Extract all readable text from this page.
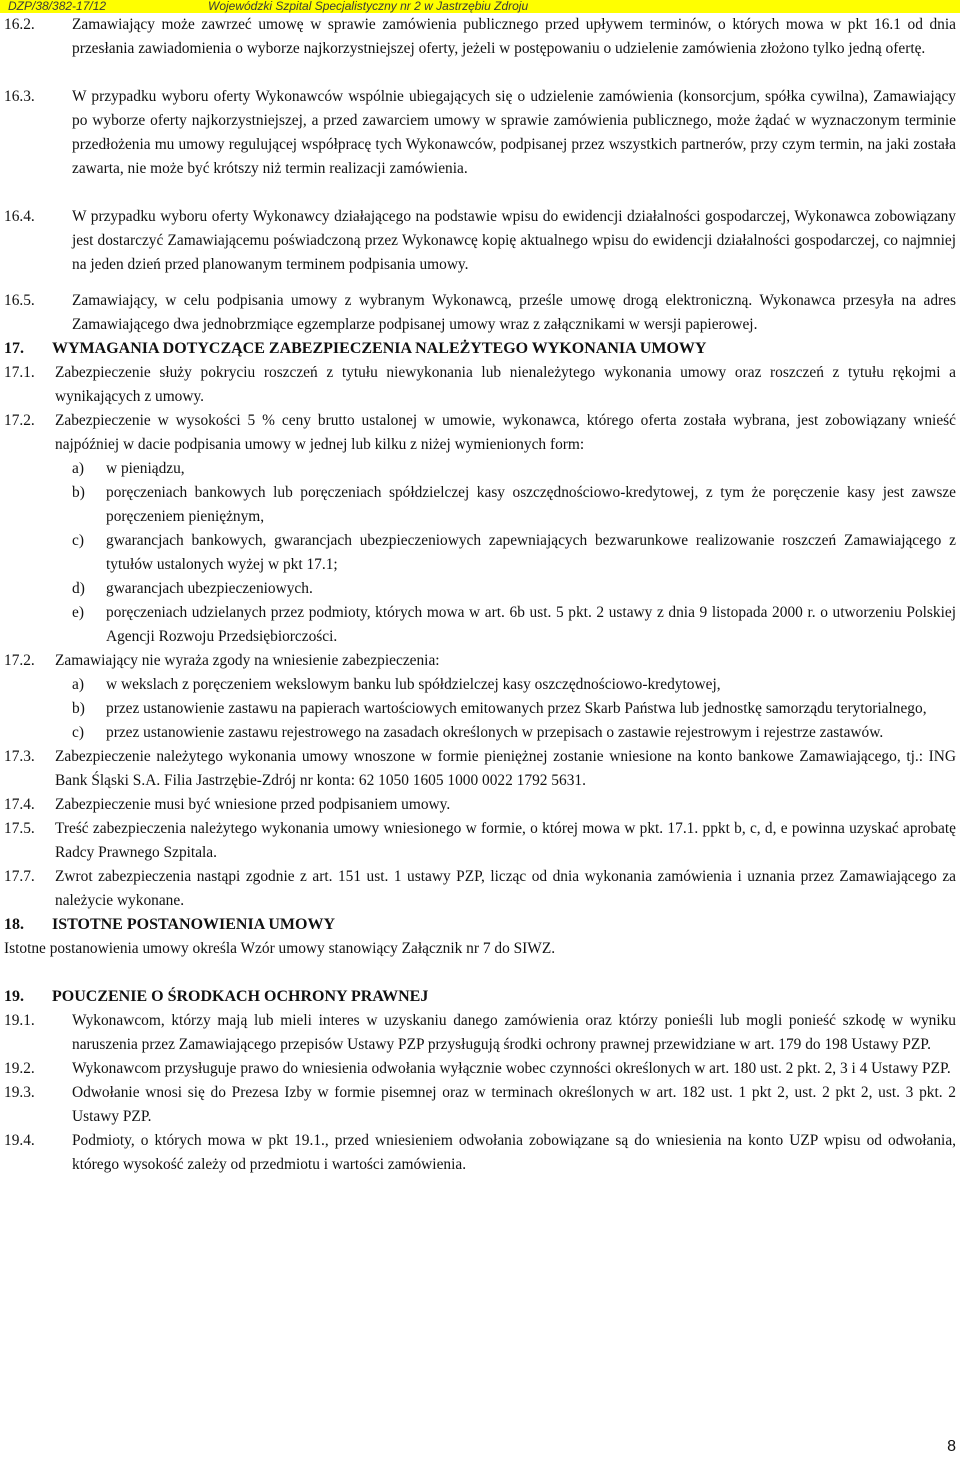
DZP/38/382-17/12	Wojewódzki Szpital Specjalistyczny nr 2 w Jastrzębiu Zdroju
16.2. Zamawiający może zawrzeć umowę w sprawie zamówienia publicznego przed upływem terminów, o których mowa w pkt 16.1 od dnia przesłania zawiadomienia o wyborze najkorzystniejszej oferty, jeżeli w postępowaniu o udzielenie zamówienia złożono tylko jedną ofertę.
16.3. W przypadku wyboru oferty Wykonawców wspólnie ubiegających się o udzielenie zamówienia (konsorcjum, spółka cywilna), Zamawiający po wyborze oferty najkorzystniejszej, a przed zawarciem umowy w sprawie zamówienia publicznego, może żądać w wyznaczonym terminie przedłożenia mu umowy regulującej współpracę tych Wykonawców, podpisanej przez wszystkich partnerów, przy czym termin, na jaki została zawarta, nie może być krótszy niż termin realizacji zamówienia.
16.4. W przypadku wyboru oferty Wykonawcy działającego na podstawie wpisu do ewidencji działalności gospodarczej, Wykonawca zobowiązany jest dostarczyć Zamawiającemu poświadczoną przez Wykonawcę kopię aktualnego wpisu do ewidencji działalności gospodarczej, co najmniej na jeden dzień przed planowanym terminem podpisania umowy.
16.5. Zamawiający, w celu podpisania umowy z wybranym Wykonawcą, prześle umowę drogą elektroniczną. Wykonawca przesyła na adres Zamawiającego dwa jednobrzmiące egzemplarze podpisanej umowy wraz z załącznikami w wersji papierowej.
17. WYMAGANIA DOTYCZĄCE ZABEZPIECZENIA NALEŻYTEGO WYKONANIA UMOWY
17.1. Zabezpieczenie służy pokryciu roszczeń z tytułu niewykonania lub nienależytego wykonania umowy oraz roszczeń z tytułu rękojmi a wynikających z umowy.
17.2. Zabezpieczenie w wysokości 5 % ceny brutto ustalonej w umowie, wykonawca, którego oferta została wybrana, jest zobowiązany wnieść najpóźniej w dacie podpisania umowy w jednej lub kilku z niżej wymienionych form:
a) w pieniądzu,
b) poręczeniach bankowych lub poręczeniach spółdzielczej kasy oszczędnościowo-kredytowej, z tym że poręczenie kasy jest zawsze poręczeniem pieniężnym,
c) gwarancjach bankowych, gwarancjach ubezpieczeniowych zapewniających bezwarunkowe realizowanie roszczeń Zamawiającego z tytułów ustalonych wyżej w pkt 17.1;
d) gwarancjach ubezpieczeniowych.
e) poręczeniach udzielanych przez podmioty, których mowa w art. 6b ust. 5 pkt. 2 ustawy z dnia 9 listopada 2000 r. o utworzeniu Polskiej Agencji Rozwoju Przedsiębiorczości.
17.2. Zamawiający nie wyraża zgody na wniesienie zabezpieczenia:
a) w wekslach z poręczeniem wekslowym banku lub spółdzielczej kasy oszczędnościowo-kredytowej,
b) przez ustanowienie zastawu na papierach wartościowych emitowanych przez Skarb Państwa lub jednostkę samorządu terytorialnego,
c) przez ustanowienie zastawu rejestrowego na zasadach określonych w przepisach o zastawie rejestrowym i rejestrze zastawów.
17.3. Zabezpieczenie należytego wykonania umowy wnoszone w formie pieniężnej zostanie wniesione na konto bankowe Zamawiającego, tj.: ING Bank Śląski S.A. Filia Jastrzębie-Zdrój nr konta: 62 1050 1605 1000 0022 1792 5631.
17.4. Zabezpieczenie musi być wniesione przed podpisaniem umowy.
17.5. Treść zabezpieczenia należytego wykonania umowy wniesionego w formie, o której mowa w pkt. 17.1. ppkt b, c, d, e powinna uzyskać aprobatę Radcy Prawnego Szpitala.
17.7. Zwrot zabezpieczenia nastąpi zgodnie z art. 151 ust. 1 ustawy PZP, licząc od dnia wykonania zamówienia i uznania przez Zamawiającego za należycie wykonane.
18. ISTOTNE POSTANOWIENIA UMOWY
Istotne postanowienia umowy określa Wzór umowy stanowiący Załącznik nr 7 do SIWZ.
19. POUCZENIE O ŚRODKACH OCHRONY PRAWNEJ
19.1. Wykonawcom, którzy mają lub mieli interes w uzyskaniu danego zamówienia oraz którzy ponieśli lub mogli ponieść szkodę w wyniku naruszenia przez Zamawiającego przepisów Ustawy PZP przysługują środki ochrony prawnej przewidziane w art. 179 do 198 Ustawy PZP.
19.2. Wykonawcom przysługuje prawo do wniesienia odwołania wyłącznie wobec czynności określonych w art. 180 ust. 2 pkt. 2, 3 i 4 Ustawy PZP.
19.3. Odwołanie wnosi się do Prezesa Izby w formie pisemnej oraz w terminach określonych w art. 182 ust. 1 pkt 2, ust. 2 pkt 2, ust. 3 pkt. 2 Ustawy PZP.
19.4. Podmioty, o których mowa w pkt 19.1., przed wniesieniem odwołania zobowiązane są do wniesienia na konto UZP wpisu od odwołania, którego wysokość zależy od przedmiotu i wartości zamówienia.
8
